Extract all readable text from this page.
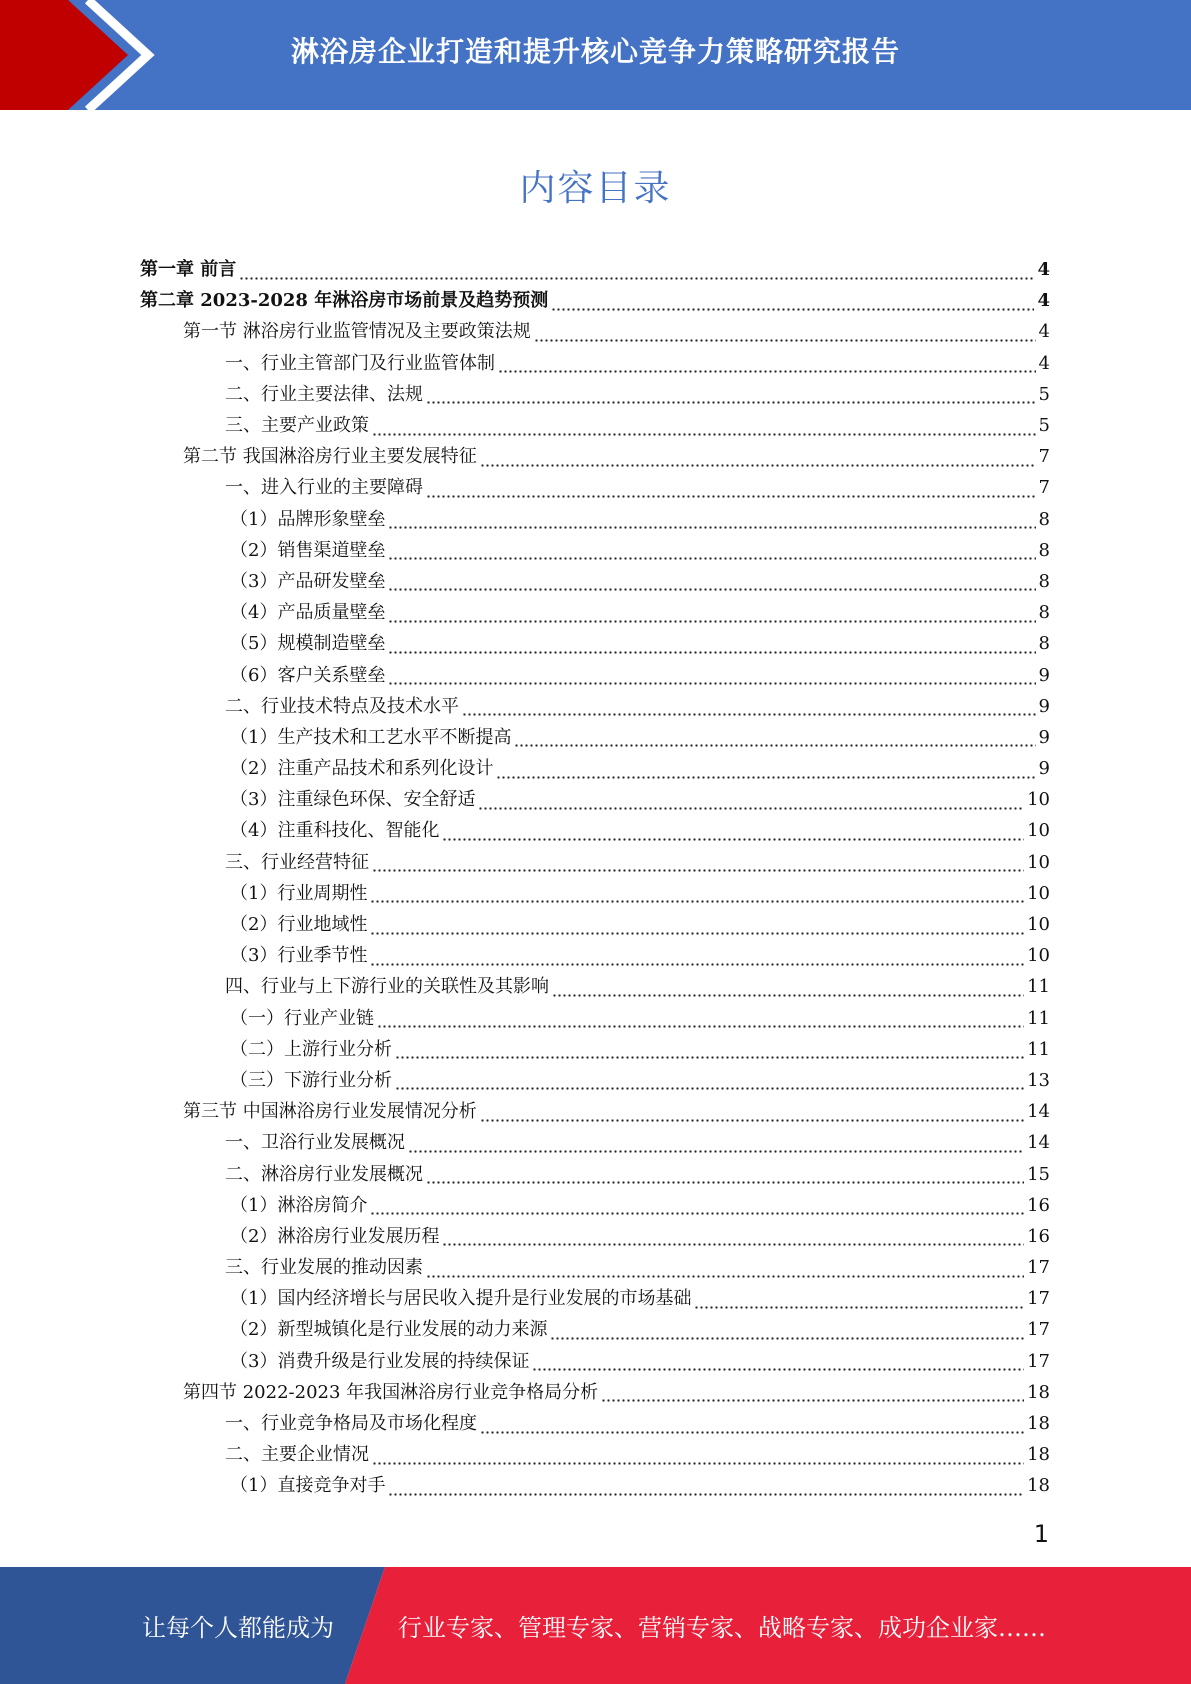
淋浴房企业打造和提升核心竞争力策略研究报告
内容目录
第一章 前言	4
第二章 2023-2028 年淋浴房市场前景及趋势预测	4
第一节 淋浴房行业监管情况及主要政策法规	4
一、行业主管部门及行业监管体制	4
二、行业主要法律、法规	5
三、主要产业政策	5
第二节 我国淋浴房行业主要发展特征	7
一、进入行业的主要障碍	7
（1）品牌形象壁垒	8
（2）销售渠道壁垒	8
（3）产品研发壁垒	8
（4）产品质量壁垒	8
（5）规模制造壁垒	8
（6）客户关系壁垒	9
二、行业技术特点及技术水平	9
（1）生产技术和工艺水平不断提高	9
（2）注重产品技术和系列化设计	9
（3）注重绿色环保、安全舒适	10
（4）注重科技化、智能化	10
三、行业经营特征	10
（1）行业周期性	10
（2）行业地域性	10
（3）行业季节性	10
四、行业与上下游行业的关联性及其影响	11
（一）行业产业链	11
（二）上游行业分析	11
（三）下游行业分析	13
第三节 中国淋浴房行业发展情况分析	14
一、卫浴行业发展概况	14
二、淋浴房行业发展概况	15
（1）淋浴房简介	16
（2）淋浴房行业发展历程	16
三、行业发展的推动因素	17
（1）国内经济增长与居民收入提升是行业发展的市场基础	17
（2）新型城镇化是行业发展的动力来源	17
（3）消费升级是行业发展的持续保证	17
第四节 2022-2023 年我国淋浴房行业竞争格局分析	18
一、行业竞争格局及市场化程度	18
二、主要企业情况	18
（1）直接竞争对手	18
1
让每个人都能成为	行业专家、管理专家、营销专家、战略专家、成功企业家……
